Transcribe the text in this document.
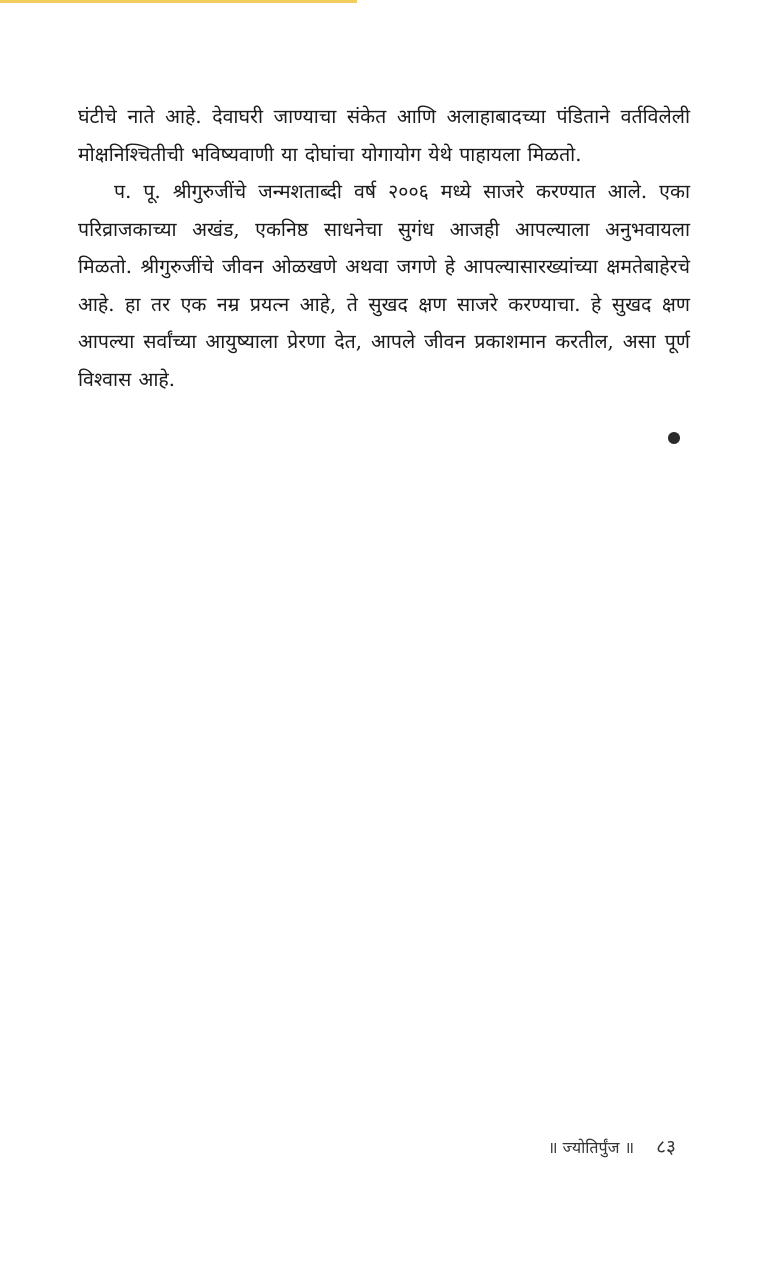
घंटीचे नाते आहे. देवाघरी जाण्याचा संकेत आणि अलाहाबादच्या पंडिताने वर्तविलेली मोक्षनिश्चितीची भविष्यवाणी या दोघांचा योगायोग येथे पाहायला मिळतो.

प. पू. श्रीगुरुजींचे जन्मशताब्दी वर्ष २००६ मध्ये साजरे करण्यात आले. एका परिव्राजकाच्या अखंड, एकनिष्ठ साधनेचा सुगंध आजही आपल्याला अनुभवायला मिळतो. श्रीगुरुजींचे जीवन ओळखणे अथवा जगणे हे आपल्यासारख्यांच्या क्षमतेबाहेरचे आहे. हा तर एक नम्र प्रयत्न आहे, ते सुखद क्षण साजरे करण्याचा. हे सुखद क्षण आपल्या सर्वांच्या आयुष्याला प्रेरणा देत, आपले जीवन प्रकाशमान करतील, असा पूर्ण विश्वास आहे.

॥ ज्योतिर्पुंज ॥ ८३
